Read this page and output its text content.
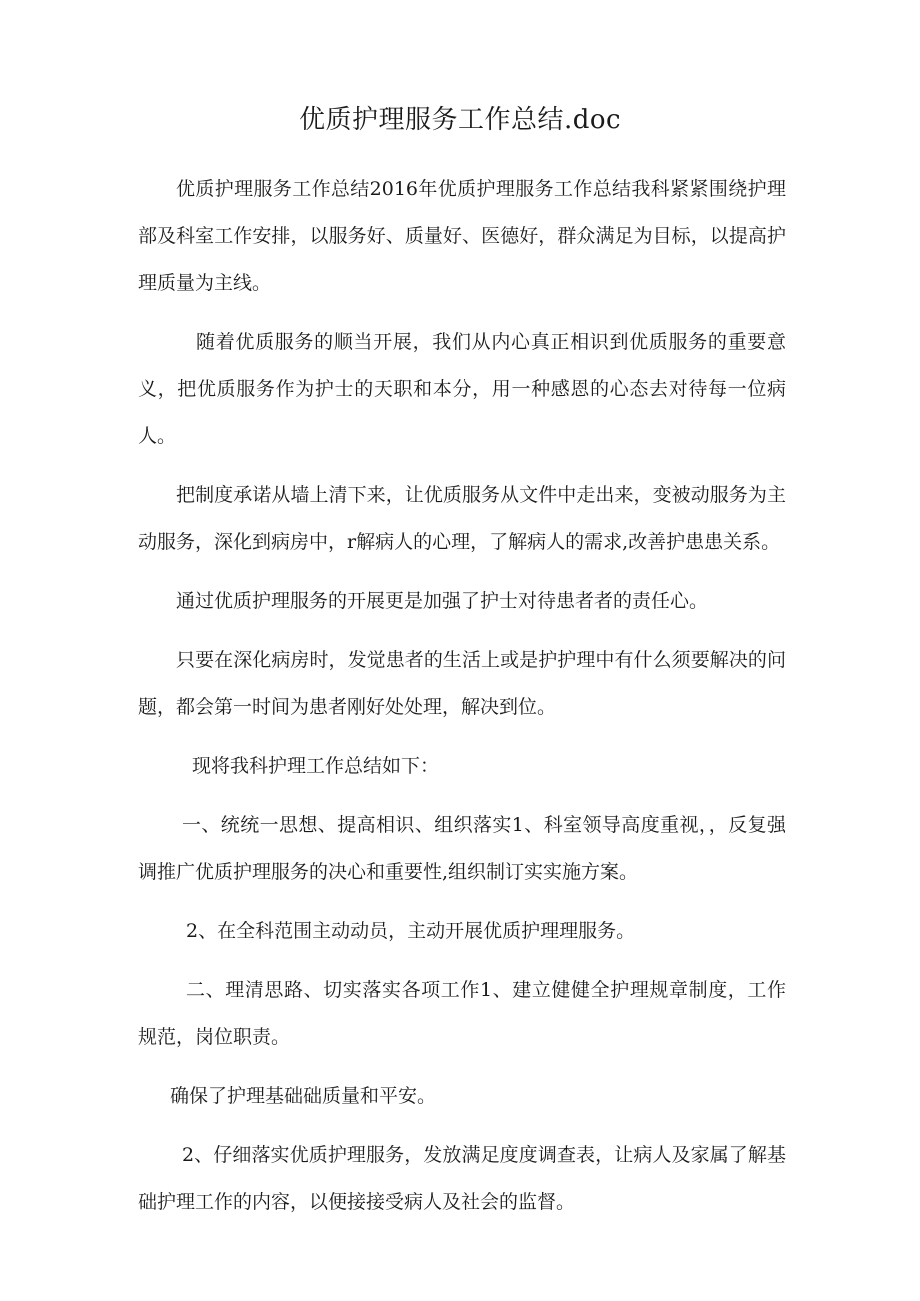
优质护理服务工作总结.doc

优质护理服务工作总结2016年优质护理服务工作总结我科紧紧围绕护理部及科室工作安排，以服务好、质量好、医德好，群众满足为目标，以提高护理质量为主线。

随着优质服务的顺当开展，我们从内心真正相识到优质服务的重要意义，把优质服务作为护士的天职和本分，用一种感恩的心态去对待每一位病人。

把制度承诺从墙上清下来，让优质服务从文件中走出来，变被动服务为主动服务，深化到病房中，r解病人的心理，了解病人的需求,改善护患患关系。

通过优质护理服务的开展更是加强了护士对待患者者的责任心。

只要在深化病房时，发觉患者的生活上或是护护理中有什么须要解决的问题，都会第一时间为患者刚好处处理，解决到位。

现将我科护理工作总结如下：

一、统统一思想、提高相识、组织落实1、科室领导高度重视，，反复强调推广优质护理服务的决心和重要性,组织制订实实施方案。

2、在全科范围主动动员，主动开展优质护理理服务。

二、理清思路、切实落实各项工作1、建立健健全护理规章制度，工作规范，岗位职责。

确保了护理基础础质量和平安。

2、仔细落实优质护理服务，发放满足度度调查表，让病人及家属了解基础护理工作的内容，以便接接受病人及社会的监督。
